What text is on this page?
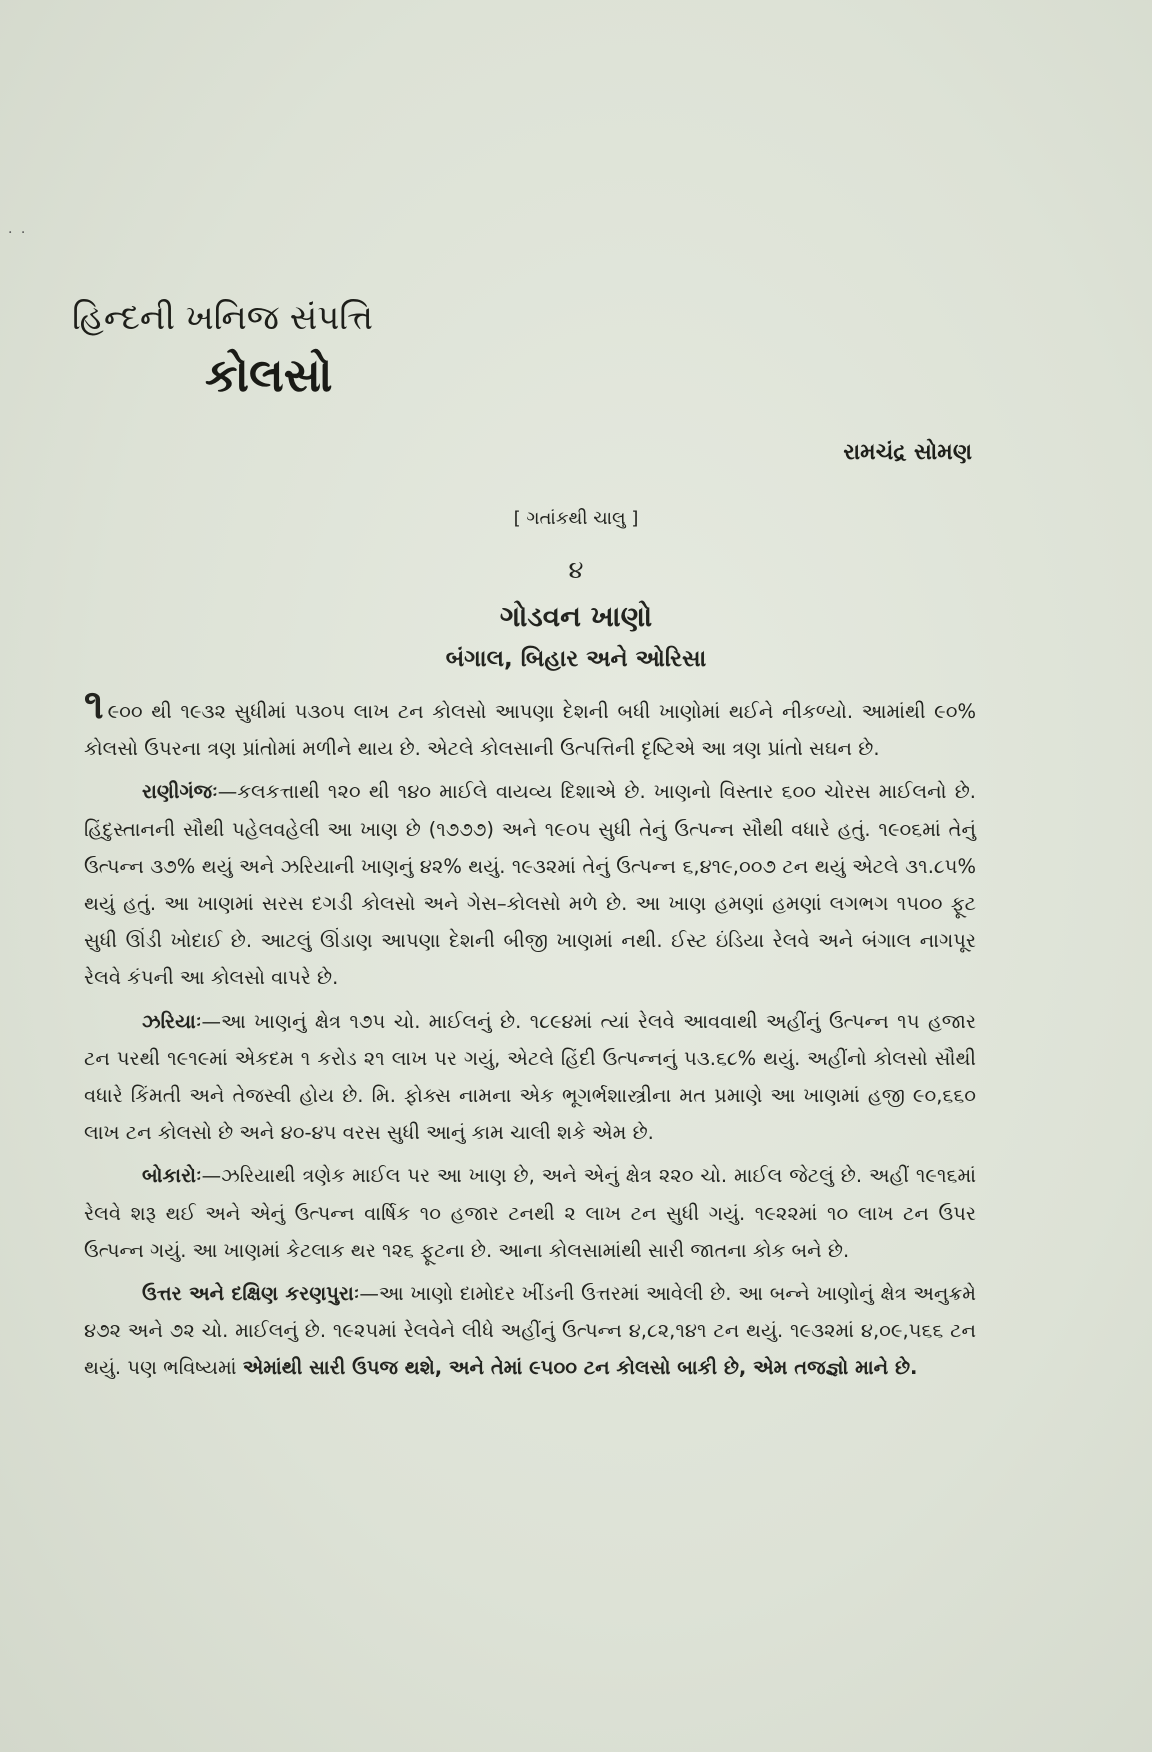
· ·
હિન્દની ખનિજ સંપત્તિ
કોલસો
રામચંદ્ર સોમણ
[ ગતાંકથી ચાલુ ]
૪
ગોડવન ખાણો
બંગાલ, બિહાર અને ઓરિસા

૧ ૯૦૦ થી ૧૯૩૨ સુધીમાં ૫૩૦૫ લાખ ટન કોલસો આપણા દેશની બધી ખાણોમાં થઈને નીકળ્યો. આમાંથી ૯૦% કોલસો ઉપરના ત્રણ પ્રાંતોમાં મળીને થાય છે. એટલે કોલસાની ઉત્પત્તિની દૃષ્ટિએ આ ત્રણ પ્રાંતો સઘન છે.

રાણીગંજઃ—કલકત્તાથી ૧૨૦ થી ૧૪૦ માઈલે વાયવ્ય દિશાએ છે. ખાણનો વિસ્તાર ૬૦૦ ચોરસ માઈલનો છે. હિંદુસ્તાનની સૌથી પહેલવહેલી આ ખાણ છે (૧૭૭૭) અને ૧૯૦૫ સુધી તેનું ઉત્પન્ન સૌથી વધારે હતું. ૧૯૦૬માં તેનું ઉત્પન્ન ૩૭% થયું અને ઝરિયાની ખાણનું ૪૨% થયું. ૧૯૩૨માં તેનું ઉત્પન્ન ૬,૪૧૯,૦૦૭ ટન થયું એટલે ૩૧.૮૫% થયું હતું. આ ખાણમાં સરસ દગડી કોલસો અને ગેસ–કોલસો મળે છે. આ ખાણ હમણાં હમણાં લગભગ ૧૫૦૦ ફૂટ સુધી ઊંડી ખોદાઈ છે. આટલું ઊંડાણ આપણા દેશની બીજી ખાણમાં નથી. ઈસ્ટ ઇંડિયા રેલવે અને બંગાલ નાગપૂર રેલવે કંપની આ કોલસો વાપરે છે.

ઝરિયાઃ—આ ખાણનું ક્ષેત્ર ૧૭૫ ચો. માઈલનું છે. ૧૮૯૪માં ત્યાં રેલવે આવવાથી અહીંનું ઉત્પન્ન ૧૫ હજાર ટન પરથી ૧૯૧૯માં એકદમ ૧ કરોડ ૨૧ લાખ પર ગયું, એટલે હિંદી ઉત્પન્નનું ૫૩.૬૮% થયું. અહીંનો કોલસો સૌથી વધારે કિંમતી અને તેજસ્વી હોય છે. મિ. ફોક્સ નામના એક ભૂગર્ભશાસ્ત્રીના મત પ્રમાણે આ ખાણમાં હજી ૯૦,૬૬૦ લાખ ટન કોલસો છે અને ૪૦-૪૫ વરસ સુધી આનું કામ ચાલી શકે એમ છે.

બોકારોઃ—ઝરિયાથી ત્રણેક માઈલ પર આ ખાણ છે, અને એનું ક્ષેત્ર ૨૨૦ ચો. માઈલ જેટલું છે. અહીં ૧૯૧૬માં રેલવે શરૂ થઈ અને એનું ઉત્પન્ન વાર્ષિક ૧૦ હજાર ટનથી ૨ લાખ ટન સુધી ગયું. ૧૯૨૨માં ૧૦ લાખ ટન ઉપર ઉત્પન્ન ગયું. આ ખાણમાં કેટલાક થર ૧૨૬ ફૂટના છે. આના કોલસામાંથી સારી જાતના કોક બને છે.

ઉત્તર અને દક્ષિણ કરણપુરાઃ—આ ખાણો દામોદર ખીંડની ઉત્તરમાં આવેલી છે. આ બન્ને ખાણોનું ક્ષેત્ર અનુક્રમે ૪૭૨ અને ૭૨ ચો. માઈલનું છે. ૧૯૨૫માં રેલવેને લીધે અહીંનું ઉત્પન્ન ૪,૮૨,૧૪૧ ટન થયું. ૧૯૩૨માં ૪,૦૯,૫૬૬ ટન થયું. પણ ભવિષ્યમાં એમાંથી સારી ઉપજ થશે, અને તેમાં ૯૫૦૦ ટન કોલસો બાકી છે, એમ તજજ્ઞો માને છે.
